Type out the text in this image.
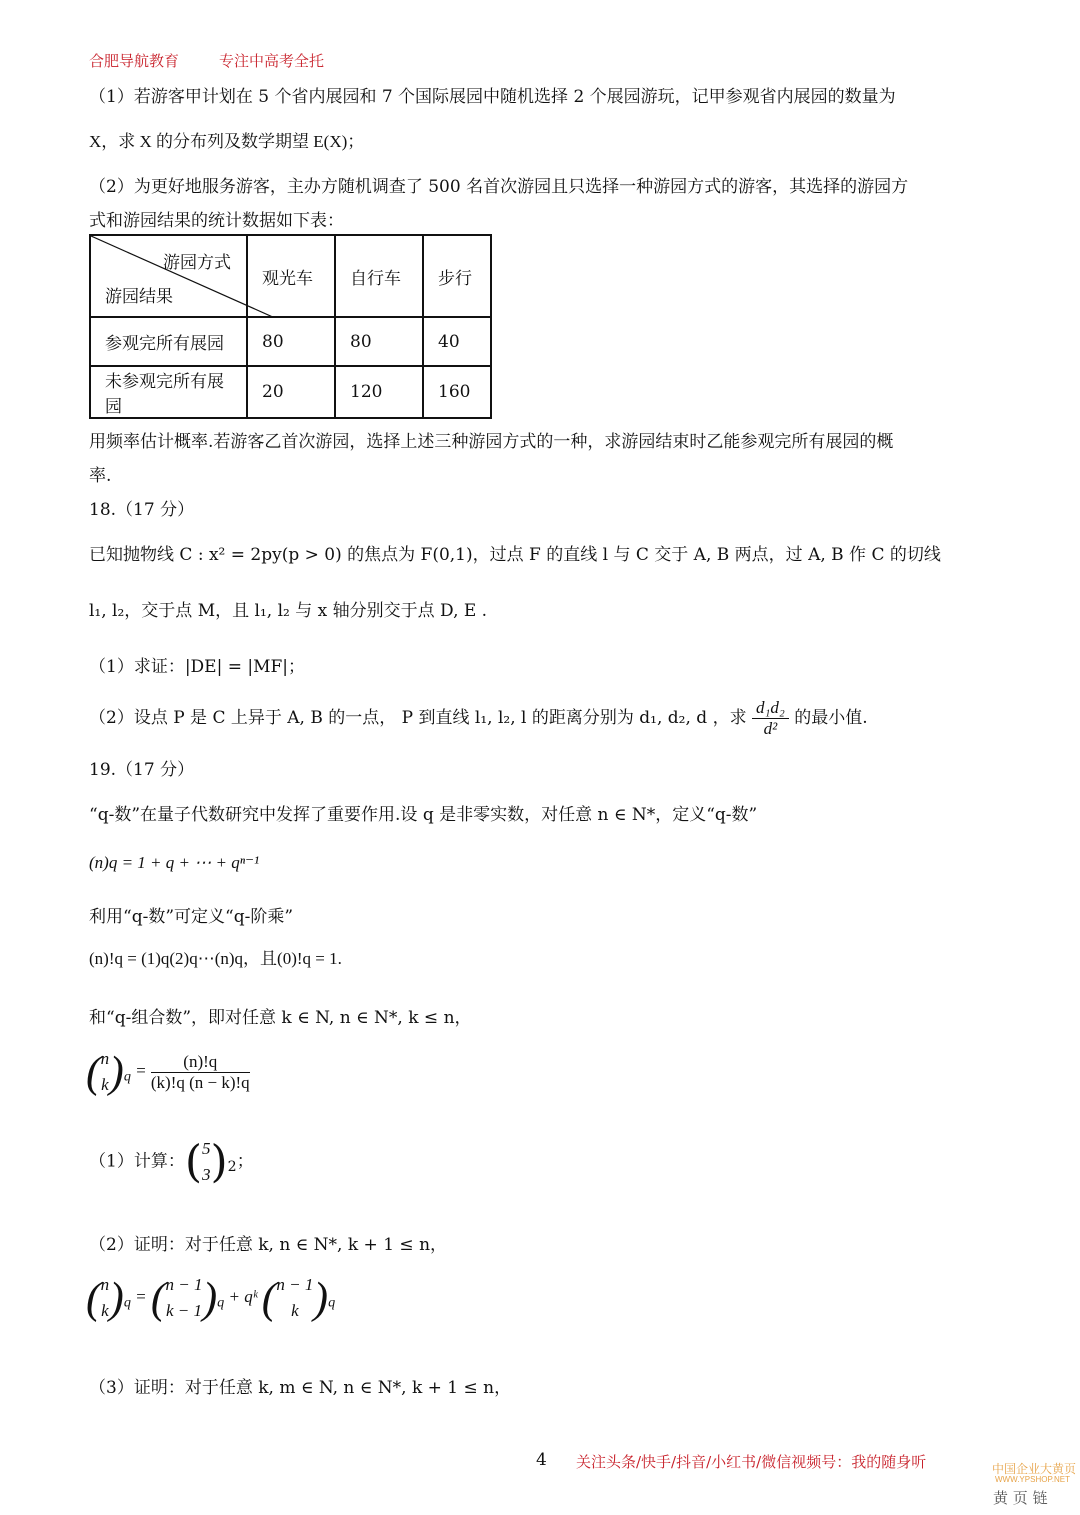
合肥导航教育	专注中高考全托
（1）若游客甲计划在 5 个省内展园和 7 个国际展园中随机选择 2 个展园游玩，记甲参观省内展园的数量为
X，求 X 的分布列及数学期望 E(X)；
（2）为更好地服务游客，主办方随机调查了 500 名首次游园且只选择一种游园方式的游客，其选择的游园方
式和游园结果的统计数据如下表：
游园方式
游园结果	观光车	自行车	步行
参观完所有展园	80	80	40
未参观完所有展园	20	120	160
用频率估计概率.若游客乙首次游园，选择上述三种游园方式的一种，求游园结束时乙能参观完所有展园的概
率.
18.（17 分）
已知抛物线 C : x² = 2py(p > 0) 的焦点为 F(0,1)，过点 F 的直线 l 与 C 交于 A, B 两点，过 A, B 作 C 的切线
l₁, l₂，交于点 M，且 l₁, l₂ 与 x 轴分别交于点 D, E .
（1）求证：|DE| = |MF|；
（2）设点 P 是 C 上异于 A, B 的一点， P 到直线 l₁, l₂, l 的距离分别为 d₁, d₂, d ，求 $\frac{\text{d₁d₂}}{\text{d²}}$ 的最小值.
19.（17 分）
“q-数”在量子代数研究中发挥了重要作用.设 q 是非零实数，对任意 n ∈ N*，定义“q-数”
(n)q = 1 + q + ⋯ + qⁿ⁻¹
利用“q-数”可定义“q-阶乘”
(n)!q = (1)q(2)q⋯(n)q，且(0)!q = 1.
和“q-组合数”，即对任意 k ∈ N, n ∈ N*, k ≤ n，
( n
k )$_q = \frac{(n)!q}{(k)!q (n - k)!q}$
（1）计算：( 5
3 )$_2$；
（2）证明：对于任意 k, n ∈ N*, k + 1 ≤ n，
( n
k )$_q$ = ( n − 1
k − 1 )$_q$ + qᵏ ( n − 1
k )$_q$
（3）证明：对于任意 k, m ∈ N, n ∈ N*, k + 1 ≤ n，
4 关注头条/快手/抖音/小红书/微信视频号：我的随身听	中国企业大黄页
WWW.YPSHOP.NET
黄 页 链
